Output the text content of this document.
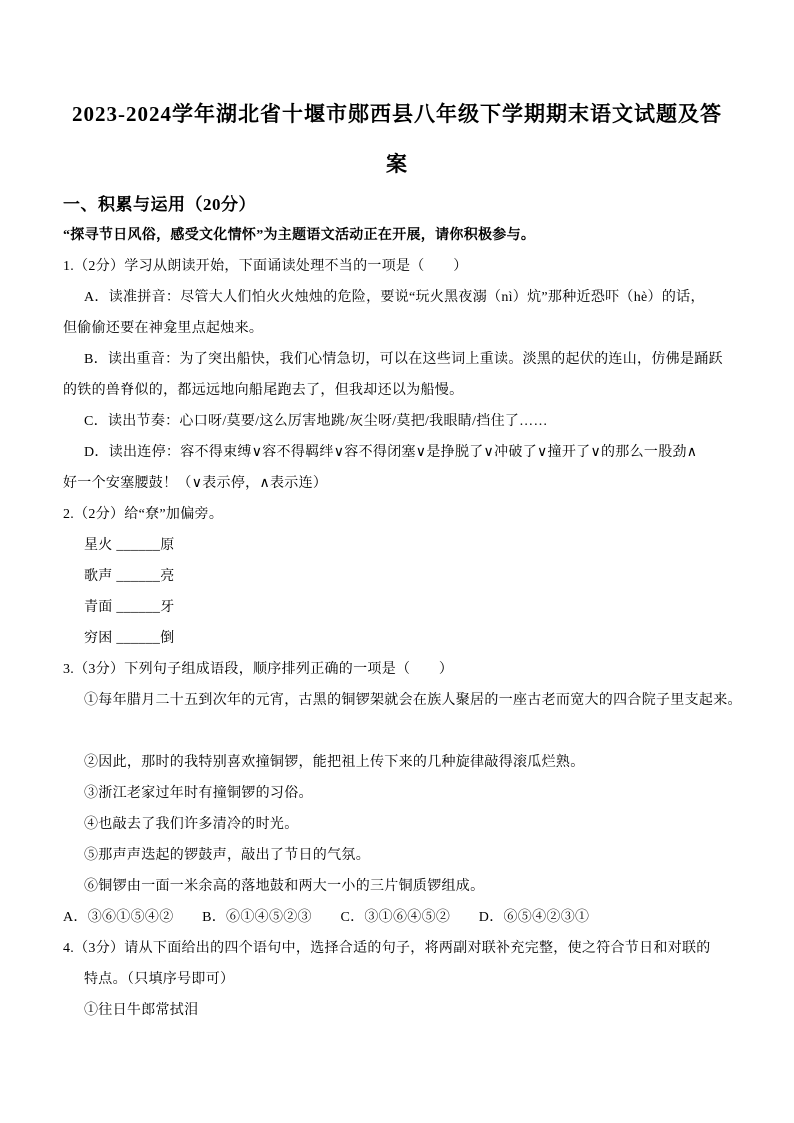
2023-2024学年湖北省十堰市郧西县八年级下学期期末语文试题及答
案
一、积累与运用（20分）
“探寻节日风俗，感受文化情怀”为主题语文活动正在开展，请你积极参与。
1.（2分）学习从朗读开始，下面诵读处理不当的一项是（　　）
A．读准拼音：尽管大人们怕火火烛烛的危险，要说“玩火黑夜溺（nì）炕”那种近恐吓（hè）的话，
但偷偷还要在神龛里点起烛来。
B．读出重音：为了突出船快，我们心情急切，可以在这些词上重读。淡黑的起伏的连山，仿佛是踊跃
的铁的兽脊似的，都远远地向船尾跑去了，但我却还以为船慢。
C．读出节奏：心口呀/莫要/这么厉害地跳/灰尘呀/莫把/我眼睛/挡住了……
D．读出连停：容不得束缚∨容不得羁绊∨容不得闭塞∨是挣脱了∨冲破了∨撞开了∨的那么一股劲∧
好一个安塞腰鼓！（∨表示停，∧表示连）
2.（2分）给“尞”加偏旁。
星火 ______原
歌声 ______亮
青面 ______牙
穷困 ______倒
3.（3分）下列句子组成语段，顺序排列正确的一项是（　　）
①每年腊月二十五到次年的元宵，古黑的铜锣架就会在族人聚居的一座古老而宽大的四合院子里支起来。
②因此，那时的我特别喜欢撞铜锣，能把祖上传下来的几种旋律敲得滚瓜烂熟。
③浙江老家过年时有撞铜锣的习俗。
④也敲去了我们许多清冷的时光。
⑤那声声迭起的锣鼓声，敲出了节日的气氛。
⑥铜锣由一面一米余高的落地鼓和两大一小的三片铜质锣组成。
A．③⑥①⑤④②　　B．⑥①④⑤②③　　C．③①⑥④⑤②　　D．⑥⑤④②③①
4.（3分）请从下面给出的四个语句中，选择合适的句子，将两副对联补充完整，使之符合节日和对联的
特点。（只填序号即可）
①往日牛郎常拭泪
